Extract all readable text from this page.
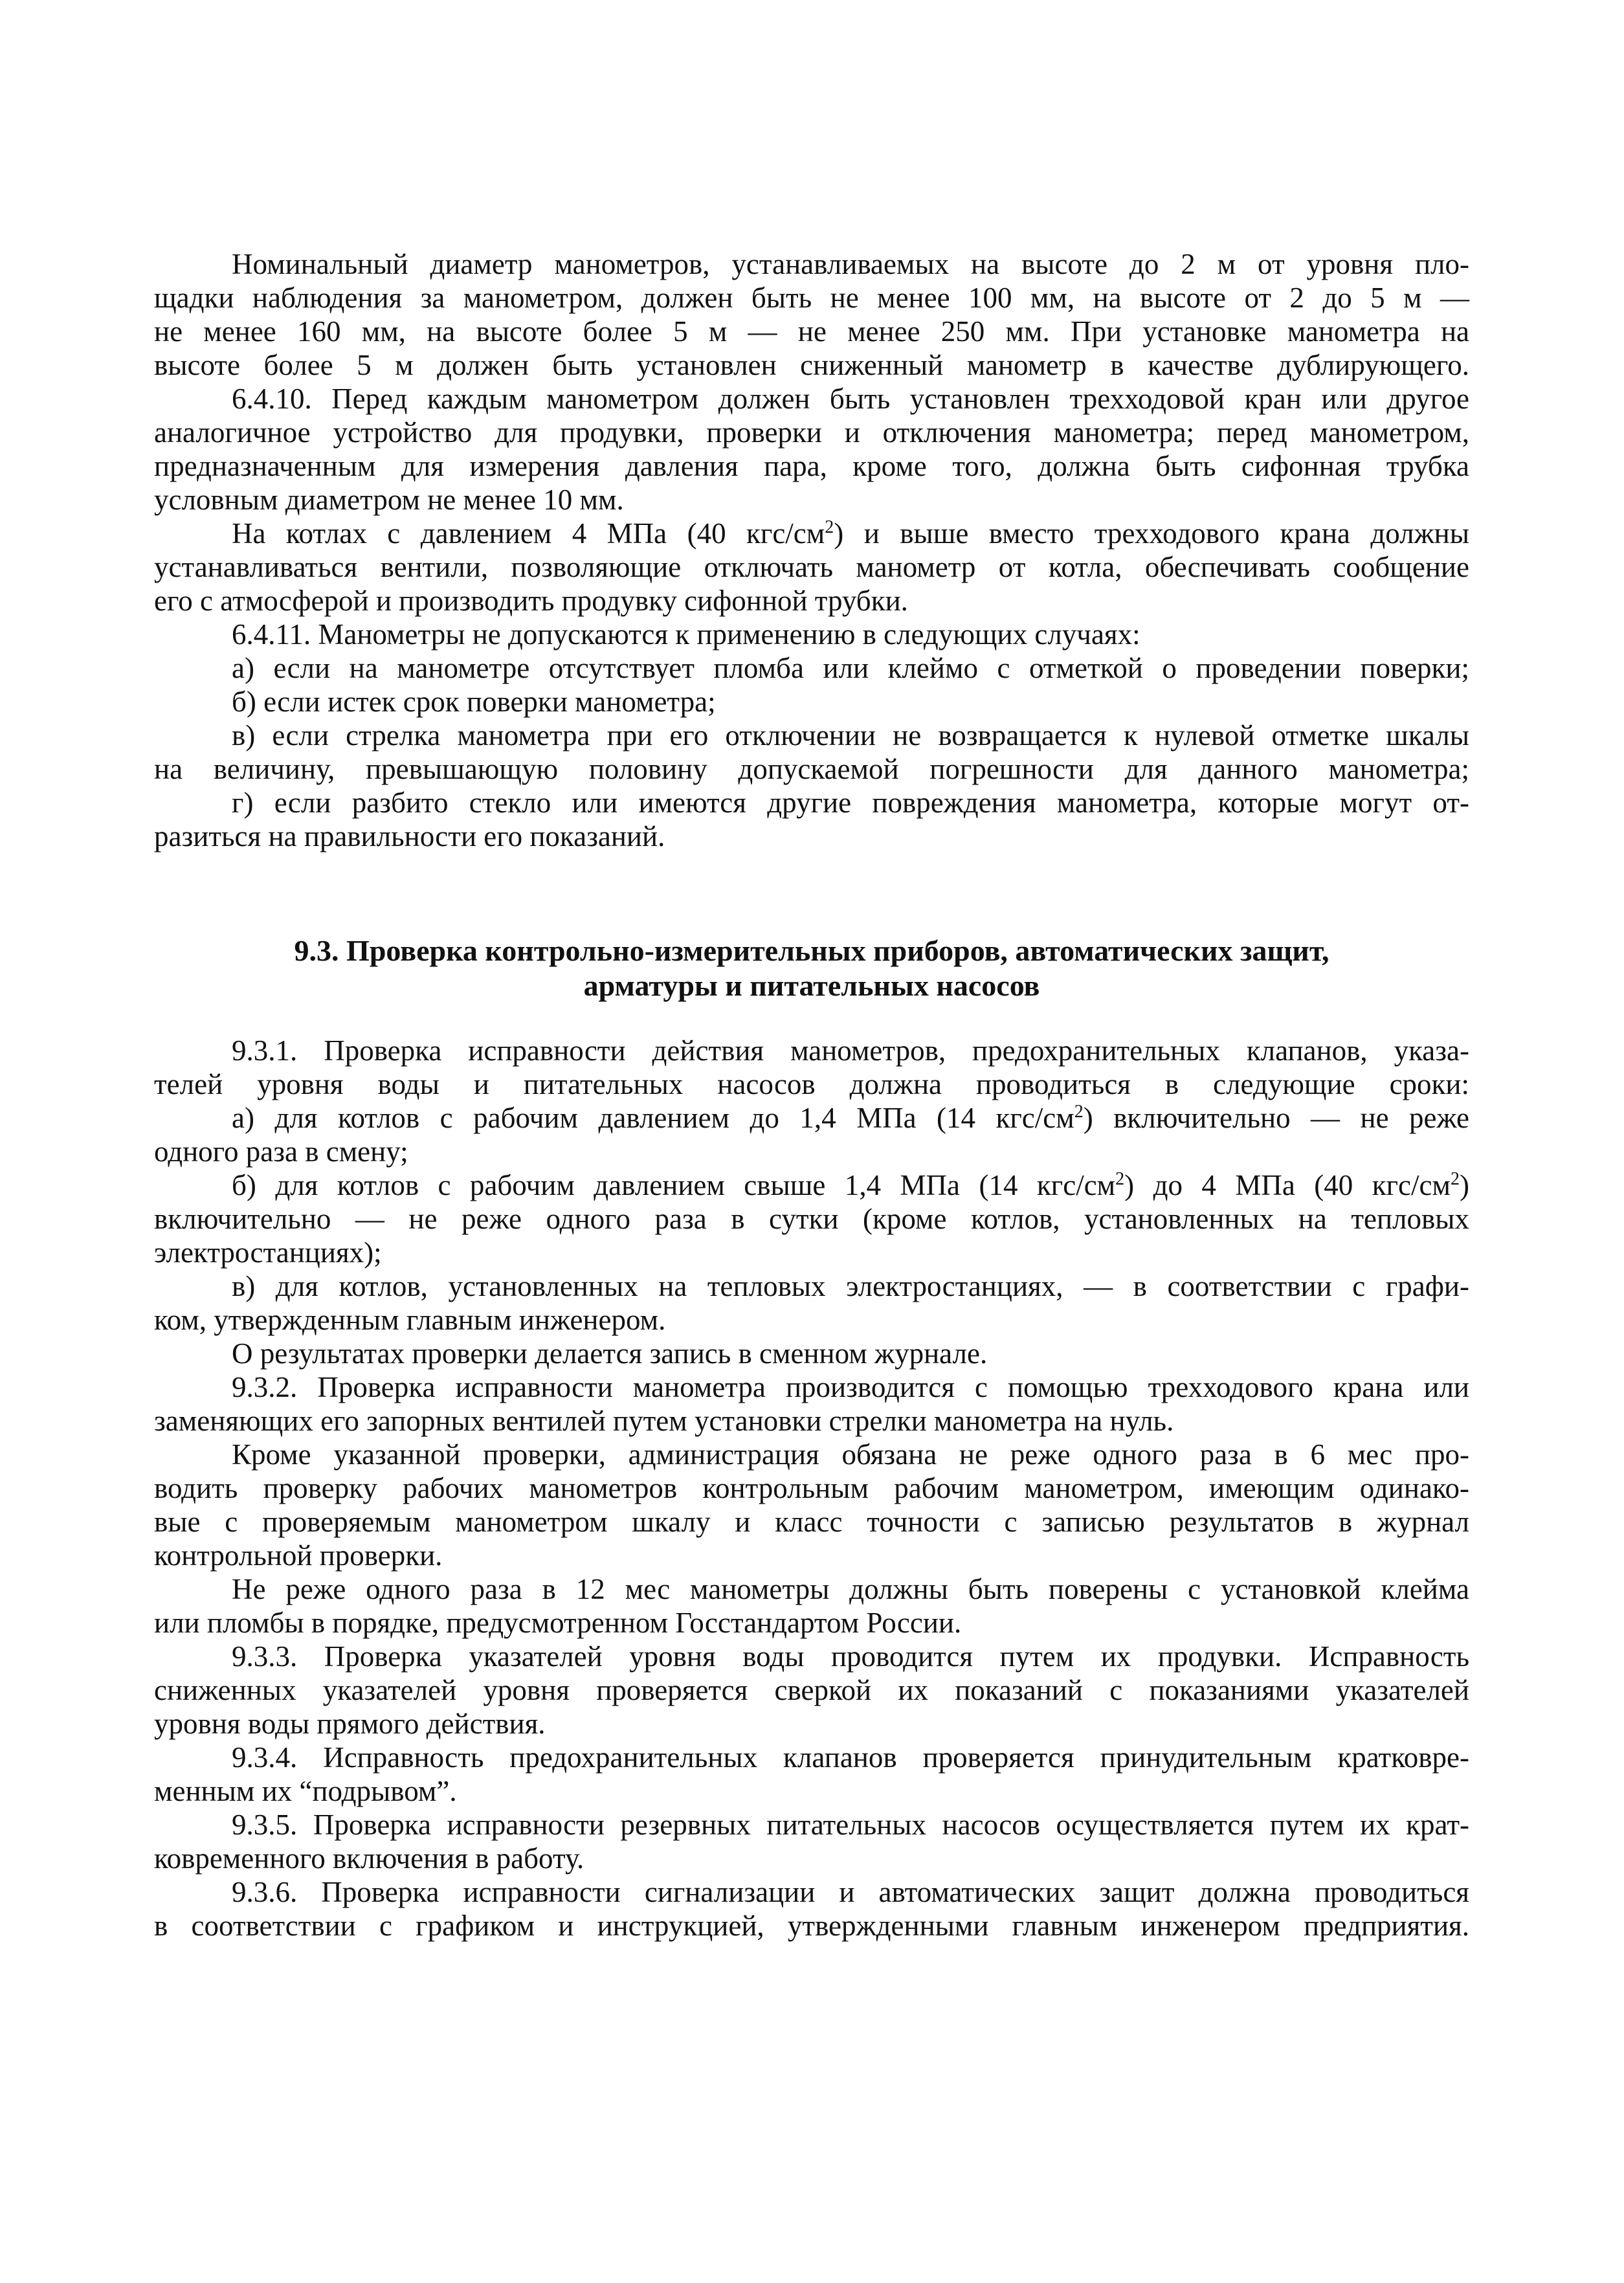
Номинальный диаметр манометров, устанавливаемых на высоте до 2 м от уровня пло-
щадки наблюдения за манометром, должен быть не менее 100 мм, на высоте от 2 до 5 м —
не менее 160 мм, на высоте более 5 м — не менее 250 мм. При установке манометра на
высоте более 5 м должен быть установлен сниженный манометр в качестве дублирующего.
6.4.10. Перед каждым манометром должен быть установлен трехходовой кран или другое
аналогичное устройство для продувки, проверки и отключения манометра; перед манометром,
предназначенным для измерения давления пара, кроме того, должна быть сифонная трубка
условным диаметром не менее 10 мм.
На котлах с давлением 4 МПа (40 кгс/$см^2$) и выше вместо трехходового крана должны
устанавливаться вентили, позволяющие отключать манометр от котла, обеспечивать сообщение
его с атмосферой и производить продувку сифонной трубки.
6.4.11. Манометры не допускаются к применению в следующих случаях:
а) если на манометре отсутствует пломба или клеймо с отметкой о проведении поверки;
б) если истек срок поверки манометра;
в) если стрелка манометра при его отключении не возвращается к нулевой отметке шкалы
на величину, превышающую половину допускаемой погрешности для данного манометра;
г) если разбито стекло или имеются другие повреждения манометра, которые могут от-
разиться на правильности его показаний.
9.3. Проверка контрольно-измерительных приборов, автоматических защит,
арматуры и питательных насосов
9.3.1. Проверка исправности действия манометров, предохранительных клапанов, указа-
телей уровня воды и питательных насосов должна проводиться в следующие сроки:
а) для котлов с рабочим давлением до 1,4 МПа (14 кгс/$см^2$) включительно — не реже
одного раза в смену;
б) для котлов с рабочим давлением свыше 1,4 МПа (14 кгс/$см^2$) до 4 МПа (40 кгс/$см^2$)
включительно — не реже одного раза в сутки (кроме котлов, установленных на тепловых
электростанциях);
в) для котлов, установленных на тепловых электростанциях, — в соответствии с графи-
ком, утвержденным главным инженером.
О результатах проверки делается запись в сменном журнале.
9.3.2. Проверка исправности манометра производится с помощью трехходового крана или
заменяющих его запорных вентилей путем установки стрелки манометра на нуль.
Кроме указанной проверки, администрация обязана не реже одного раза в 6 мес про-
водить проверку рабочих манометров контрольным рабочим манометром, имеющим одинако-
вые с проверяемым манометром шкалу и класс точности с записью результатов в журнал
контрольной проверки.
Не реже одного раза в 12 мес манометры должны быть поверены с установкой клейма
или пломбы в порядке, предусмотренном Госстандартом России.
9.3.3. Проверка указателей уровня воды проводится путем их продувки. Исправность
сниженных указателей уровня проверяется сверкой их показаний с показаниями указателей
уровня воды прямого действия.
9.3.4. Исправность предохранительных клапанов проверяется принудительным кратковре-
менным их “подрывом”.
9.3.5. Проверка исправности резервных питательных насосов осуществляется путем их крат-
ковременного включения в работу.
9.3.6. Проверка исправности сигнализации и автоматических защит должна проводиться
в соответствии с графиком и инструкцией, утвержденными главным инженером предприятия.
